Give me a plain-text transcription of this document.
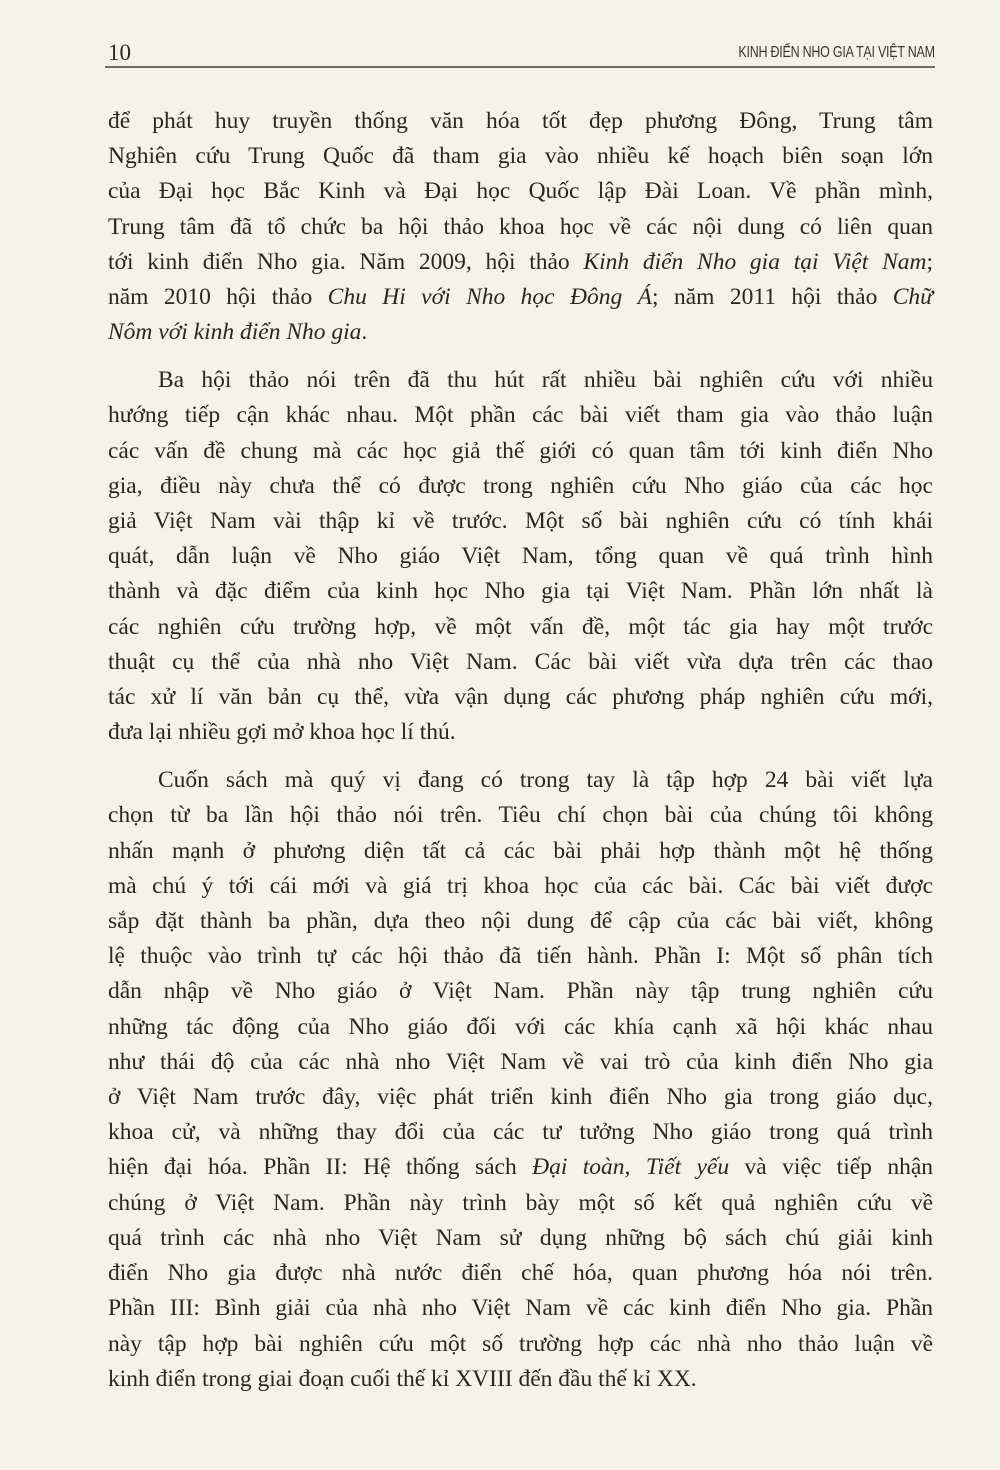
10	KINH ĐIỂN NHO GIA TẠI VIỆT NAM
để phát huy truyền thống văn hóa tốt đẹp phương Đông, Trung tâm
Nghiên cứu Trung Quốc đã tham gia vào nhiều kế hoạch biên soạn lớn
của Đại học Bắc Kinh và Đại học Quốc lập Đài Loan. Về phần mình,
Trung tâm đã tổ chức ba hội thảo khoa học về các nội dung có liên quan
tới kinh điển Nho gia. Năm 2009, hội thảo Kinh điển Nho gia tại Việt Nam;
năm 2010 hội thảo Chu Hi với Nho học Đông Á; năm 2011 hội thảo Chữ
Nôm với kinh điển Nho gia.
Ba hội thảo nói trên đã thu hút rất nhiều bài nghiên cứu với nhiều
hướng tiếp cận khác nhau. Một phần các bài viết tham gia vào thảo luận
các vấn đề chung mà các học giả thế giới có quan tâm tới kinh điển Nho
gia, điều này chưa thể có được trong nghiên cứu Nho giáo của các học
giả Việt Nam vài thập kỉ về trước. Một số bài nghiên cứu có tính khái
quát, dẫn luận về Nho giáo Việt Nam, tổng quan về quá trình hình
thành và đặc điểm của kinh học Nho gia tại Việt Nam. Phần lớn nhất là
các nghiên cứu trường hợp, về một vấn đề, một tác gia hay một trước
thuật cụ thể của nhà nho Việt Nam. Các bài viết vừa dựa trên các thao
tác xử lí văn bản cụ thể, vừa vận dụng các phương pháp nghiên cứu mới,
đưa lại nhiều gợi mở khoa học lí thú.
Cuốn sách mà quý vị đang có trong tay là tập hợp 24 bài viết lựa
chọn từ ba lần hội thảo nói trên. Tiêu chí chọn bài của chúng tôi không
nhấn mạnh ở phương diện tất cả các bài phải hợp thành một hệ thống
mà chú ý tới cái mới và giá trị khoa học của các bài. Các bài viết được
sắp đặt thành ba phần, dựa theo nội dung để cập của các bài viết, không
lệ thuộc vào trình tự các hội thảo đã tiến hành. Phần I: Một số phân tích
dẫn nhập về Nho giáo ở Việt Nam. Phần này tập trung nghiên cứu
những tác động của Nho giáo đối với các khía cạnh xã hội khác nhau
như thái độ của các nhà nho Việt Nam về vai trò của kinh điển Nho gia
ở Việt Nam trước đây, việc phát triển kinh điển Nho gia trong giáo dục,
khoa cử, và những thay đổi của các tư tưởng Nho giáo trong quá trình
hiện đại hóa. Phần II: Hệ thống sách Đại toàn, Tiết yếu và việc tiếp nhận
chúng ở Việt Nam. Phần này trình bày một số kết quả nghiên cứu về
quá trình các nhà nho Việt Nam sử dụng những bộ sách chú giải kinh
điển Nho gia được nhà nước điển chế hóa, quan phương hóa nói trên.
Phần III: Bình giải của nhà nho Việt Nam về các kinh điển Nho gia. Phần
này tập hợp bài nghiên cứu một số trường hợp các nhà nho thảo luận về
kinh điển trong giai đoạn cuối thế kỉ XVIII đến đầu thế kỉ XX.
